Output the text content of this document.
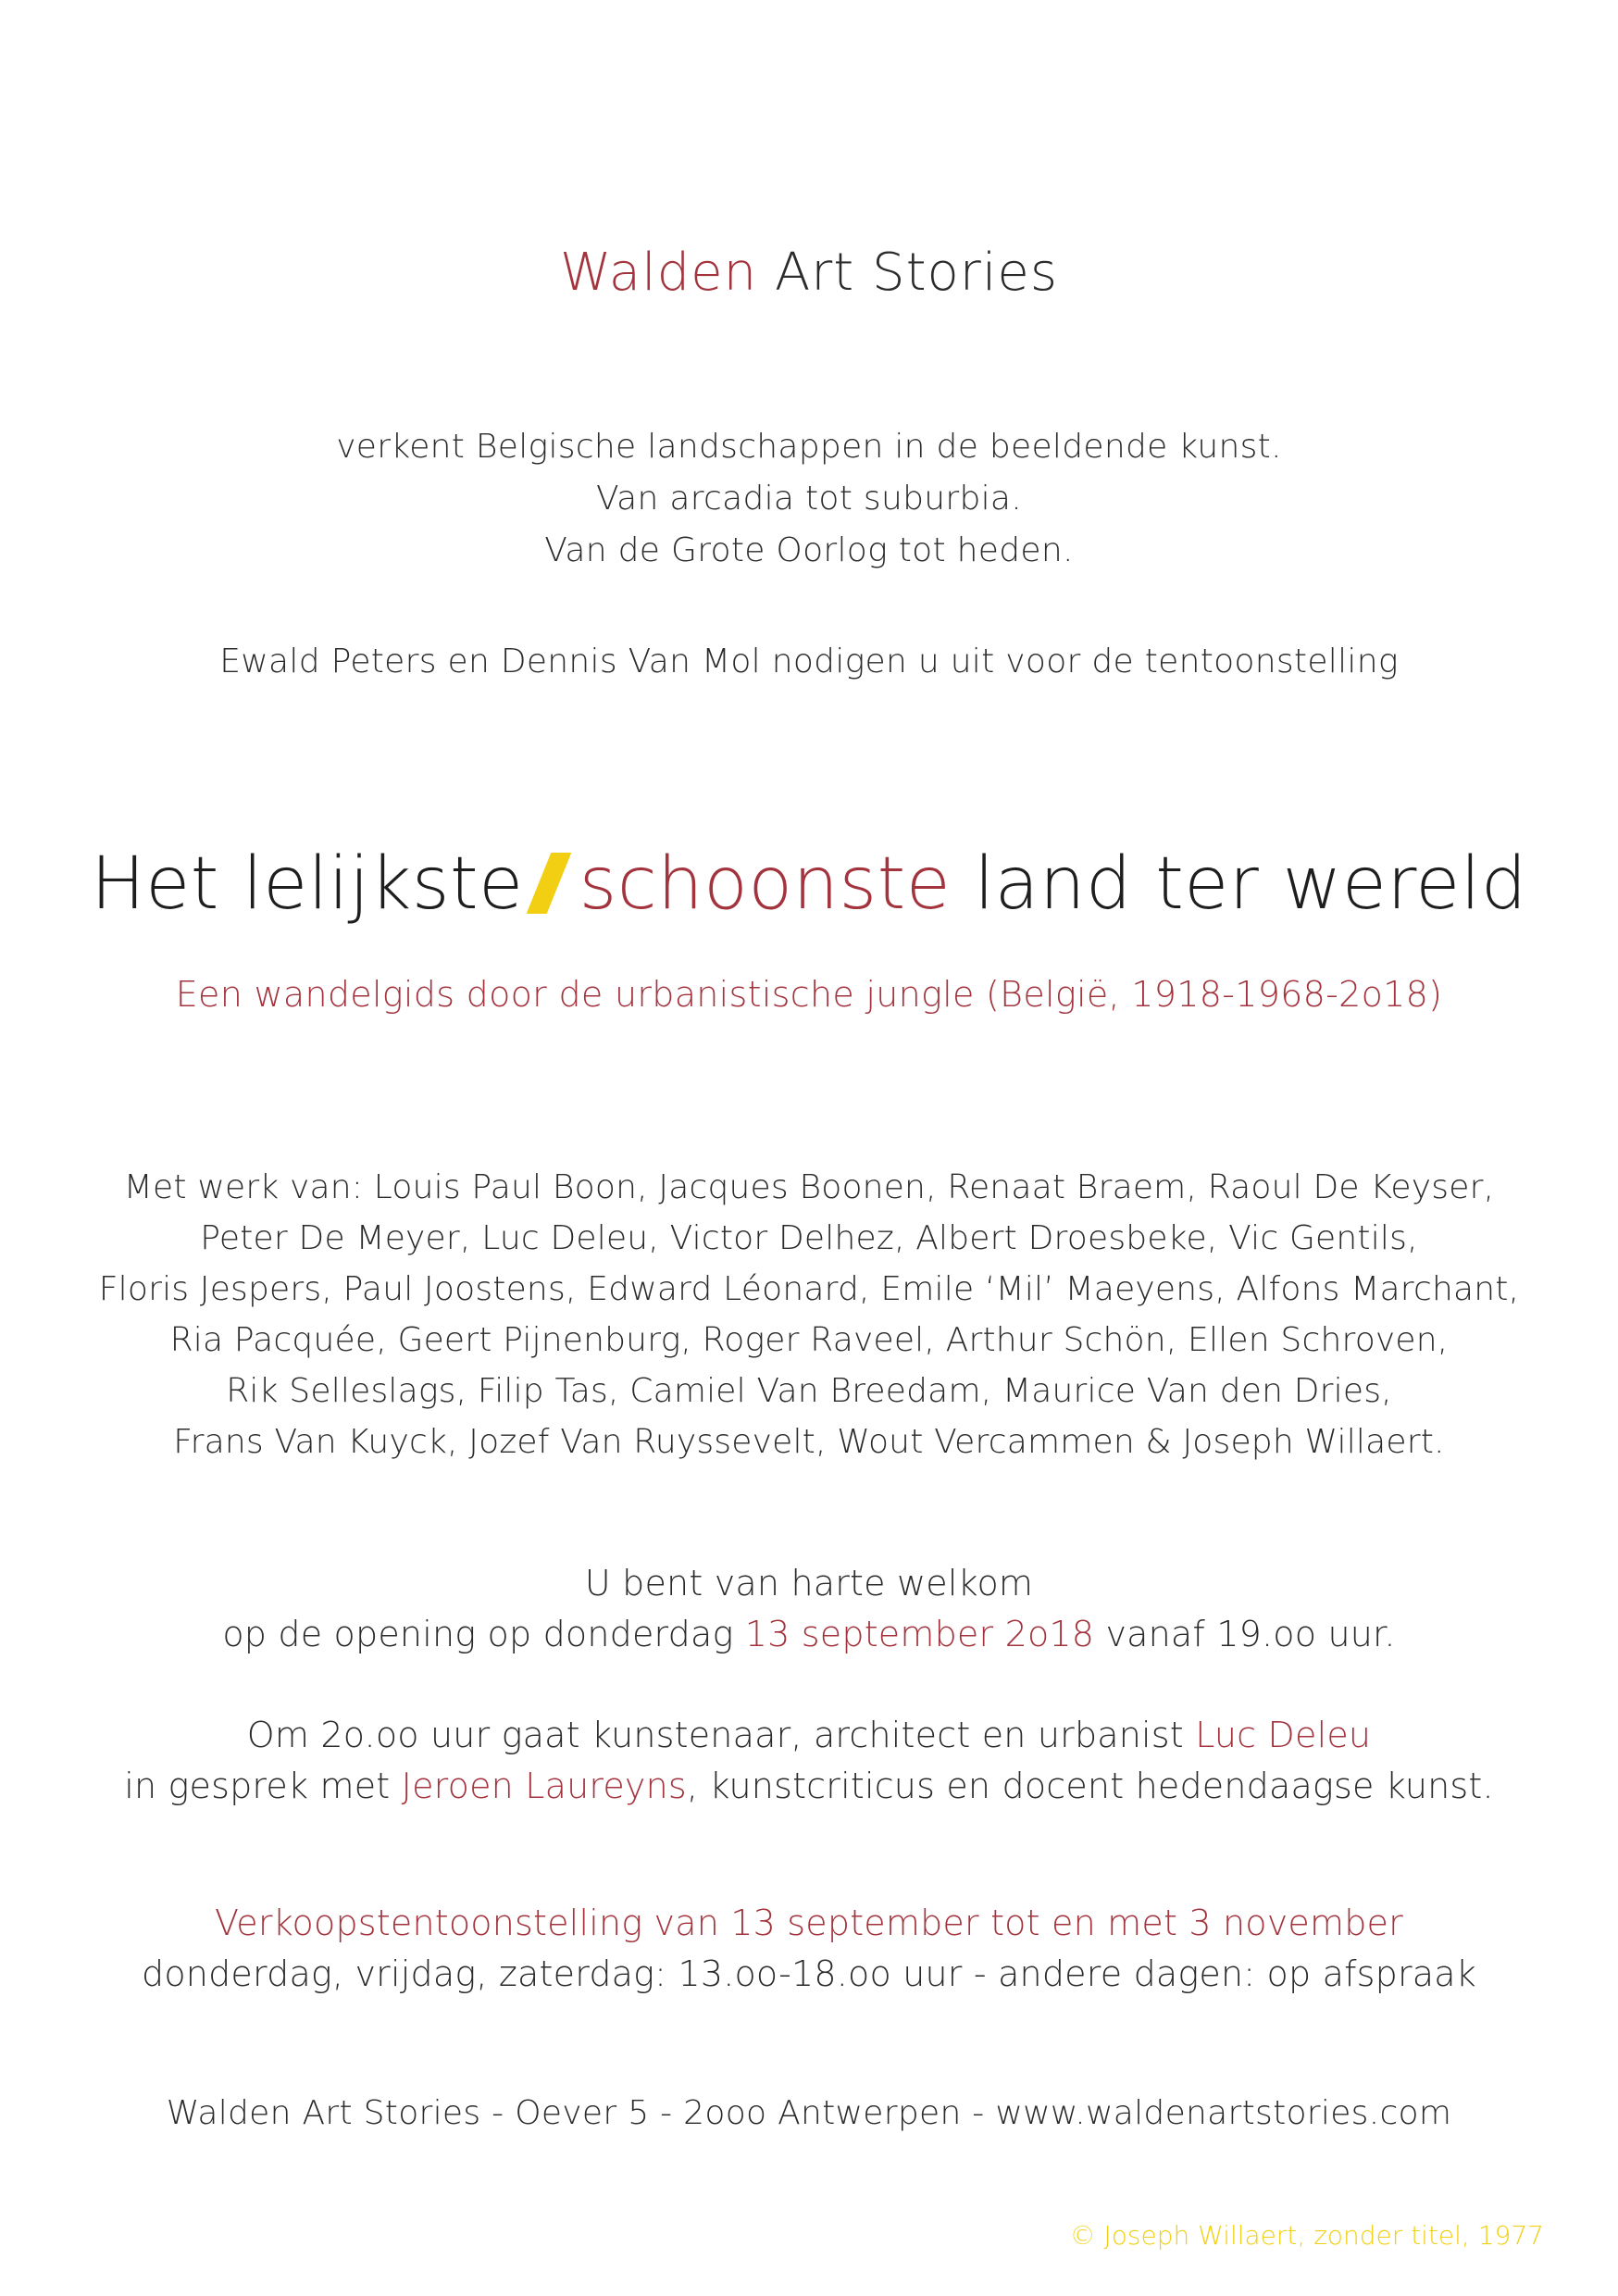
Walden Art Stories

verkent Belgische landschappen in de beeldende kunst.

Van arcadia tot suburbia.

Van de Grote Oorlog tot heden.

Ewald Peters en Dennis Van Mol nodigen u uit voor de tentoonstelling

Het lelijkste schoonste land ter wereld

Een wandelgids door de urbanistische jungle (België, 1918-1968-2o18)

Met werk van: Louis Paul Boon, Jacques Boonen, Renaat Braem, Raoul De Keyser,

Peter De Meyer, Luc Deleu, Victor Delhez, Albert Droesbeke, Vic Gentils,

Floris Jespers, Paul Joostens, Edward Léonard, Emile ‘Mil’ Maeyens, Alfons Marchant,

Ria Pacquée, Geert Pijnenburg, Roger Raveel, Arthur Schön, Ellen Schroven,

Rik Selleslags, Filip Tas, Camiel Van Breedam, Maurice Van den Dries,

Frans Van Kuyck, Jozef Van Ruyssevelt, Wout Vercammen & Joseph Willaert.

U bent van harte welkom

op de opening op donderdag 13 september 2o18 vanaf 19.oo uur.

Om 2o.oo uur gaat kunstenaar, architect en urbanist Luc Deleu

in gesprek met Jeroen Laureyns, kunstcriticus en docent hedendaagse kunst.

Verkoopstentoonstelling van 13 september tot en met 3 november

donderdag, vrijdag, zaterdag: 13.oo-18.oo uur - andere dagen: op afspraak

Walden Art Stories - Oever 5 - 2ooo Antwerpen - www.waldenartstories.com

© Joseph Willaert, zonder titel, 1977
